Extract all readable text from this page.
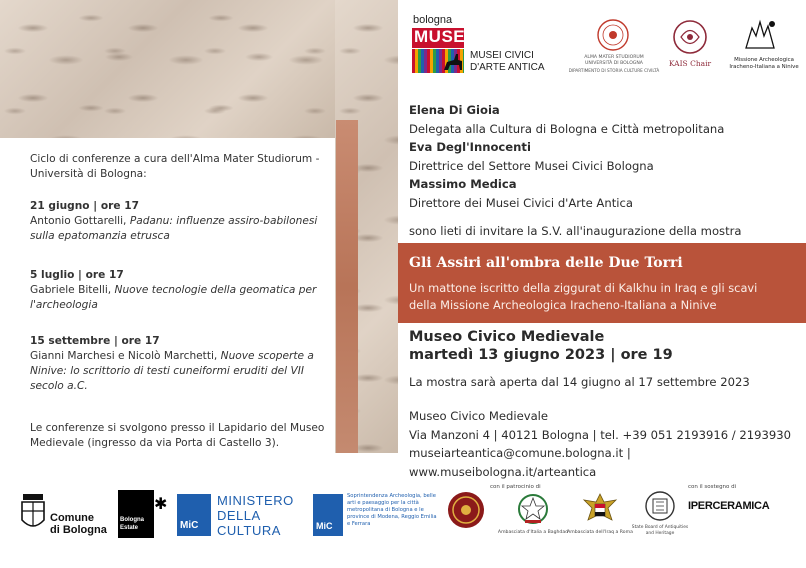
Ciclo di conferenze a cura dell'Alma Mater Studiorum - Università di Bologna:
21 giugno | ore 17
Antonio Gottarelli, Padanu: influenze assiro-babilonesi sulla epatomanzia etrusca
5 luglio | ore 17
Gabriele Bitelli, Nuove tecnologie della geomatica per l'archeologia
15 settembre | ore 17
Gianni Marchesi e Nicolò Marchetti, Nuove scoperte a Ninive: lo scrittorio di testi cuneiformi eruditi del VII secolo a.C.
Le conferenze si svolgono presso il Lapidario del Museo Medievale (ingresso da via Porta di Castello 3).
bologna
MUSEI
MUSEI CIVICI
D'ARTE ANTICA
ALMA MATER STUDIORUM
UNIVERSITÀ DI BOLOGNA
DIPARTIMENTO DI STORIA CULTURE CIVILTÀ
KAIS Chair	Missione Archeologica
Iracheno-Italiana a Ninive
Elena Di Gioia
Delegata alla Cultura di Bologna e Città metropolitana
Eva Degl'Innocenti
Direttrice del Settore Musei Civici Bologna
Massimo Medica
Direttore dei Musei Civici d'Arte Antica
sono lieti di invitare la S.V. all'inaugurazione della mostra
Gli Assiri all'ombra delle Due Torri
Un mattone iscritto della ziggurat di Kalkhu in Iraq e gli scavi
della Missione Archeologica Iracheno-Italiana a Ninive
Museo Civico Medievale
martedì 13 giugno 2023 | ore 19
La mostra sarà aperta dal 14 giugno al 17 settembre 2023
Museo Civico Medievale
Via Manzoni 4 | 40121 Bologna | tel. +39 051 2193916 / 2193930
museiarteantica@comune.bologna.it | www.museibologna.it/arteantica
Comune
di Bologna
✱
Bologna
Estate	MiC
MINISTERO
DELLA
CULTURA	MiC
Soprintendenza Archeologia, belle arti e paesaggio per la città metropolitana di Bologna e le province di Modena, Reggio Emilia e Ferrara
con il patrocinio di
Ambasciata d'Italia a Baghdad Ambasciata dell'Iraq a Roma
State Board of Antiquities and Heritage
con il sostegno di
IPERCERAMICA
